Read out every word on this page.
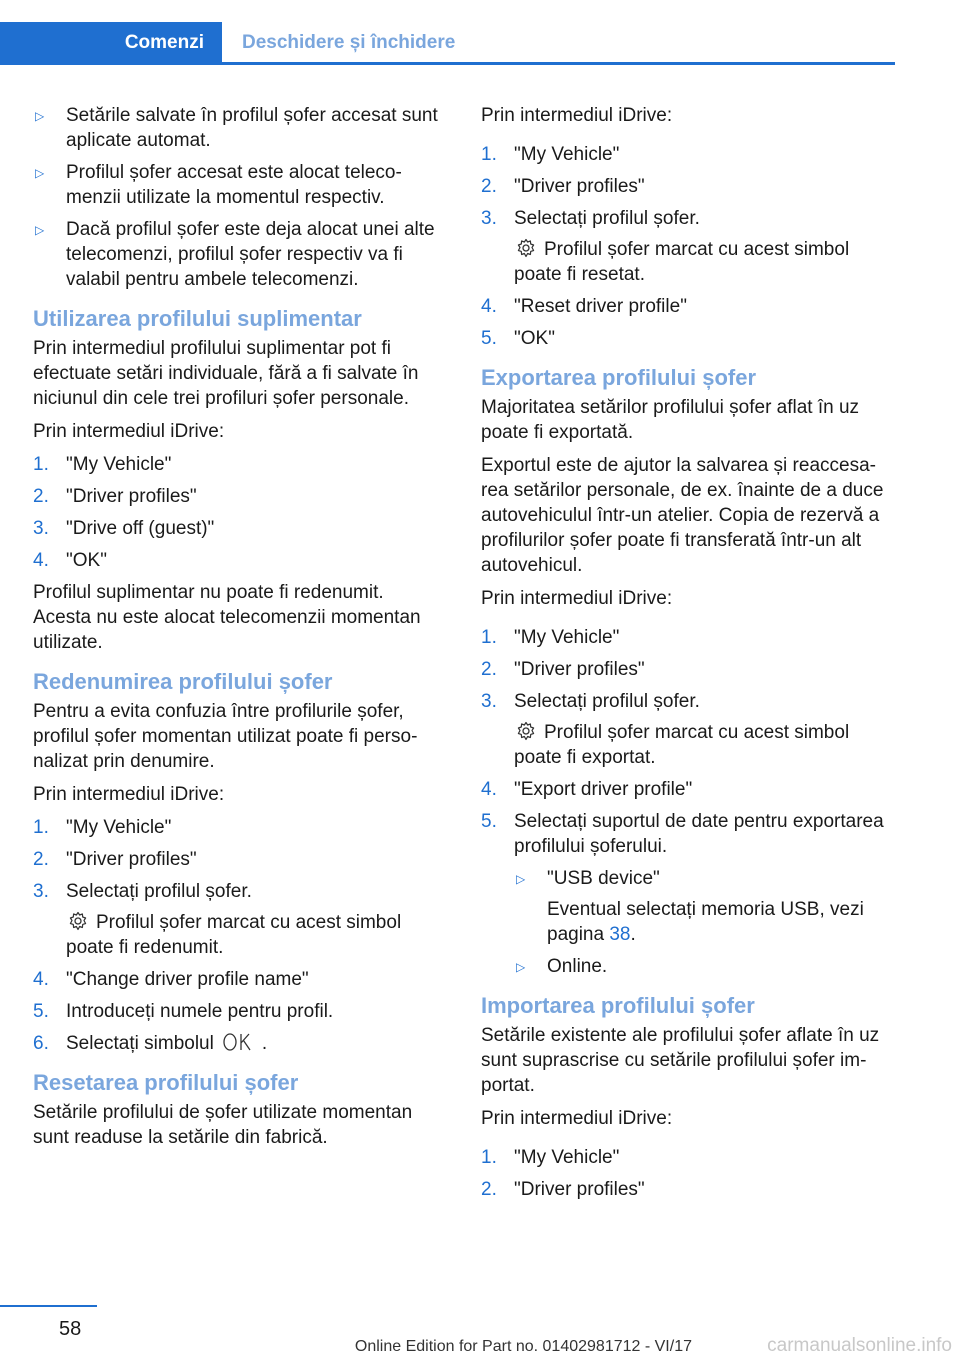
Comenzi	Deschidere și închidere
▷ Setările salvate în profilul șofer accesat sunt aplicate automat.
▷ Profilul șofer accesat este alocat telecomenzii utilizate la momentul respectiv.
▷ Dacă profilul șofer este deja alocat unei alte telecomenzi, profilul șofer respectiv va fi valabil pentru ambele telecomenzi.
Utilizarea profilului suplimentar

Prin intermediul profilului suplimentar pot fi efectuate setări individuale, fără a fi salvate în niciunul din cele trei profiluri șofer personale.

Prin intermediul iDrive:

1. "My Vehicle"
2. "Driver profiles"
3. "Drive off (guest)"
4. "OK"

Profilul suplimentar nu poate fi redenumit. Acesta nu este alocat telecomenzii momentan utilizate.

Redenumirea profilului șofer

Pentru a evita confuzia între profilurile șofer, profilul șofer momentan utilizat poate fi personalizat prin denumire.

Prin intermediul iDrive:

1. "My Vehicle"
2. "Driver profiles"
3. Selectați profilul șofer.
Profilul șofer marcat cu acest simbol poate fi redenumit.
4. "Change driver profile name"
5. Introduceți numele pentru profil.
6. Selectați simbolul	.
Resetarea profilului șofer

Setările profilului de șofer utilizate momentan sunt readuse la setările din fabrică.

Prin intermediul iDrive:

1. "My Vehicle"
2. "Driver profiles"
3. Selectați profilul șofer.
Profilul șofer marcat cu acest simbol poate fi resetat.
4. "Reset driver profile"
5. "OK"
Exportarea profilului șofer

Majoritatea setărilor profilului șofer aflat în uz poate fi exportată.

Exportul este de ajutor la salvarea și reaccesarea setărilor personale, de ex. înainte de a duce autovehiculul într-un atelier. Copia de rezervă a profilurilor șofer poate fi transferată într-un alt autovehicul.

Prin intermediul iDrive:

1. "My Vehicle"
2. "Driver profiles"
3. Selectați profilul șofer.
Profilul șofer marcat cu acest simbol poate fi exportat.
4. "Export driver profile"
5. Selectați suportul de date pentru exportarea profilului șoferului.
▷ "USB device"
Eventual selectați memoria USB, vezi pagina 38.
▷ Online.
Importarea profilului șofer

Setările existente ale profilului șofer aflate în uz sunt suprascrise cu setările profilului șofer importat.

Prin intermediul iDrive:

1. "My Vehicle"
2. "Driver profiles"
58
Online Edition for Part no. 01402981712 - VI/17	carmanualsonline.info
